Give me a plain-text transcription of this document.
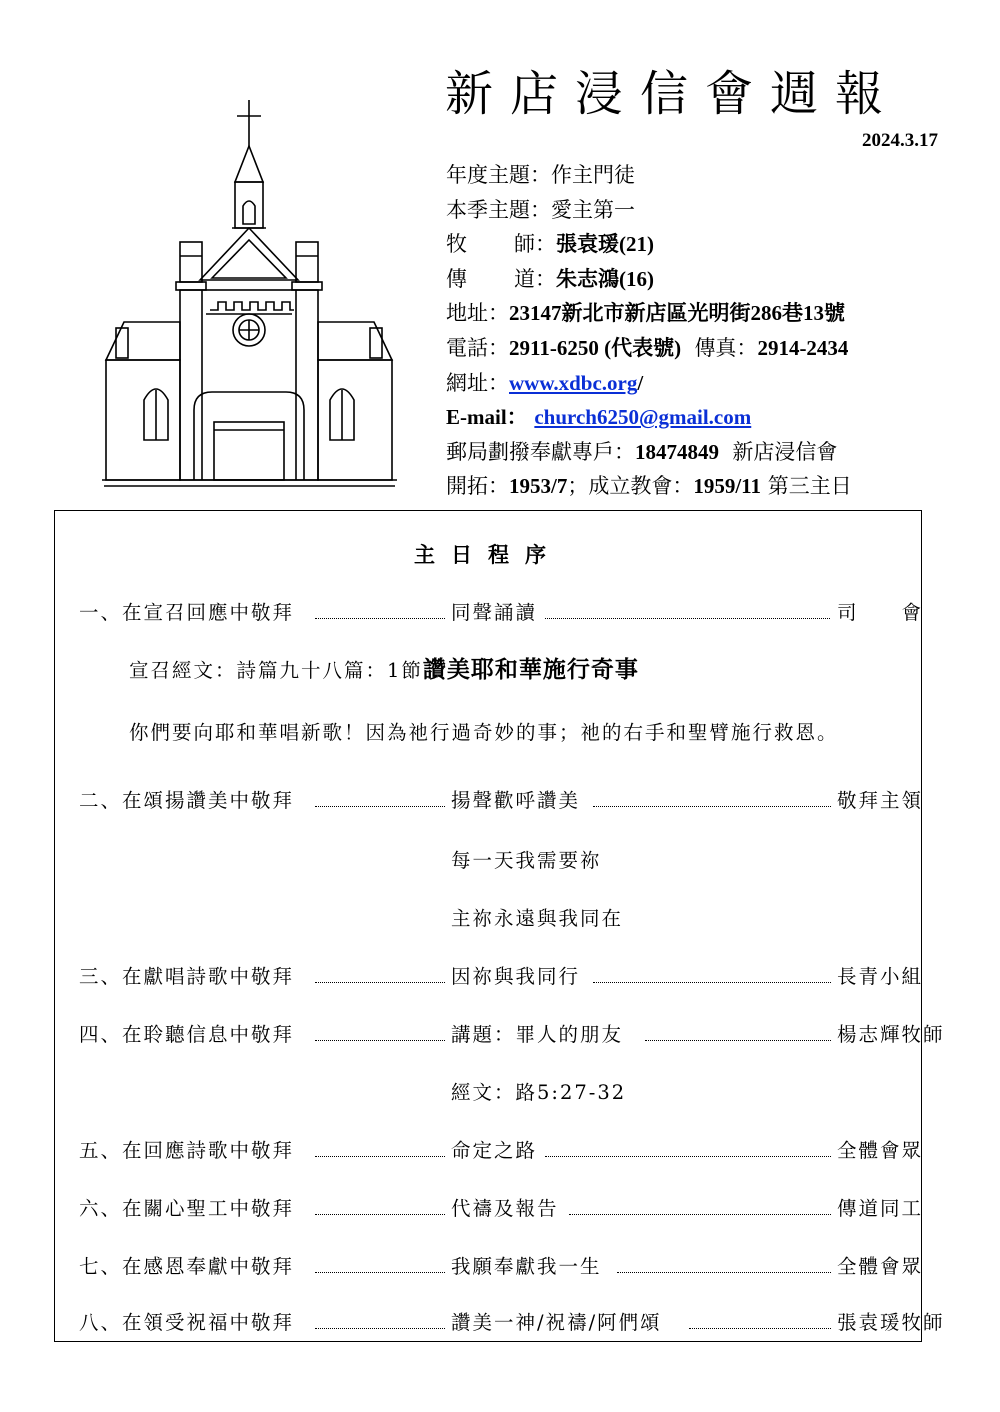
新店浸信會週報
2024.3.17
年度主題：作主門徒
本季主題：愛主第一
牧 師：張袁瑗(21)
傳 道：朱志鴻(16)
地址：23147新北市新店區光明街286巷13號
電話：2911-6250 (代表號) 傳真：2914-2434
網址：www.xdbc.org/
E-mail： church6250@gmail.com
郵局劃撥奉獻專戶：18474849 新店浸信會
開拓：1953/7；成立教會：1959/11 第三主日
主日程序
一、在宣召回應中敬拜	同聲誦讀	司　　會
宣召經文：詩篇九十八篇：1節讚美耶和華施行奇事
你們要向耶和華唱新歌！因為祂行過奇妙的事；祂的右手和聖臂施行救恩。
二、在頌揚讚美中敬拜	揚聲歡呼讚美	敬拜主領
每一天我需要祢
主祢永遠與我同在
三、在獻唱詩歌中敬拜	因祢與我同行	長青小組
四、在聆聽信息中敬拜	講題：罪人的朋友	楊志輝牧師
經文：路5:27-32
五、在回應詩歌中敬拜	命定之路	全體會眾
六、在關心聖工中敬拜	代禱及報告	傳道同工
七、在感恩奉獻中敬拜	我願奉獻我一生	全體會眾
八、在領受祝福中敬拜	讚美一神/祝禱/阿們頌	張袁瑗牧師
